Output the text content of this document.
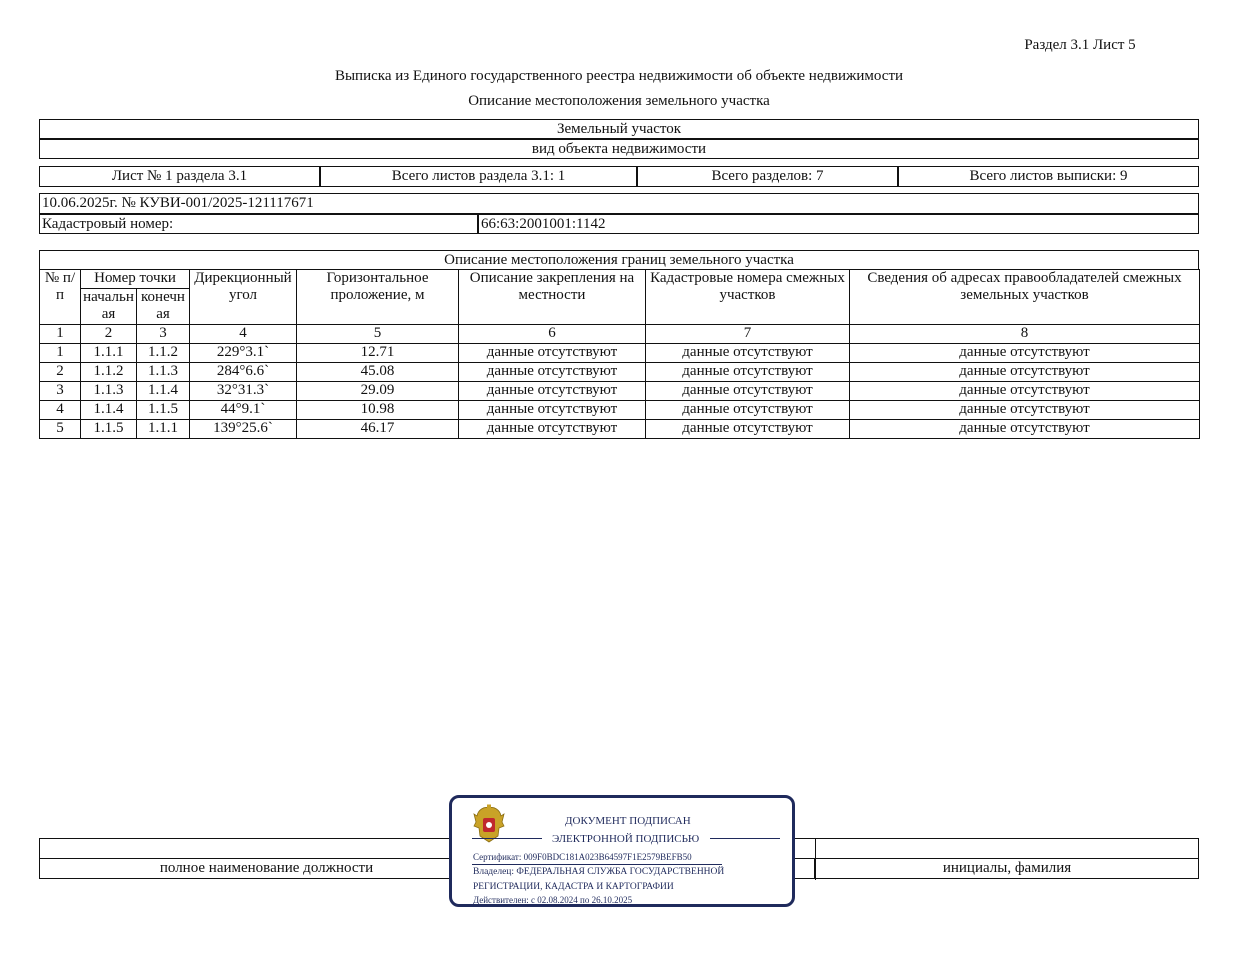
Раздел 3.1 Лист 5
Выписка из Единого государственного реестра недвижимости об объекте недвижимости
Описание местоположения земельного участка
Земельный участок
вид объекта недвижимости
Лист № 1 раздела 3.1	Всего листов раздела 3.1: 1	Всего разделов: 7	Всего листов выписки: 9
10.06.2025г. № КУВИ-001/2025-121117671
Кадастровый номер:	66:63:2001001:1142
Описание местоположения границ земельного участка
№ п/п	Номер точки		Дирекционный угол	Горизонтальное проложение, м	Описание закрепления на местности	Кадастровые номера смежных участков	Сведения об адресах правообладателей смежных земельных участков
	начальн ая	конечн ая					
1	2	3	4	5	6	7	8
1	1.1.1	1.1.2	229°3.1`	12.71	данные отсутствуют	данные отсутствуют	данные отсутствуют
2	1.1.2	1.1.3	284°6.6`	45.08	данные отсутствуют	данные отсутствуют	данные отсутствуют
3	1.1.3	1.1.4	32°31.3`	29.09	данные отсутствуют	данные отсутствуют	данные отсутствуют
4	1.1.4	1.1.5	44°9.1`	10.98	данные отсутствуют	данные отсутствуют	данные отсутствуют
5	1.1.5	1.1.1	139°25.6`	46.17	данные отсутствуют	данные отсутствуют	данные отсутствуют
полное наименование должности	инициалы, фамилия
ДОКУМЕНТ ПОДПИСАН
ЭЛЕКТРОННОЙ ПОДПИСЬЮ
Сертификат: 009F0BDC181A023B64597F1E2579BEFB50
Владелец: ФЕДЕРАЛЬНАЯ СЛУЖБА ГОСУДАРСТВЕННОЙ
РЕГИСТРАЦИИ, КАДАСТРА И КАРТОГРАФИИ
Действителен: с 02.08.2024 по 26.10.2025
